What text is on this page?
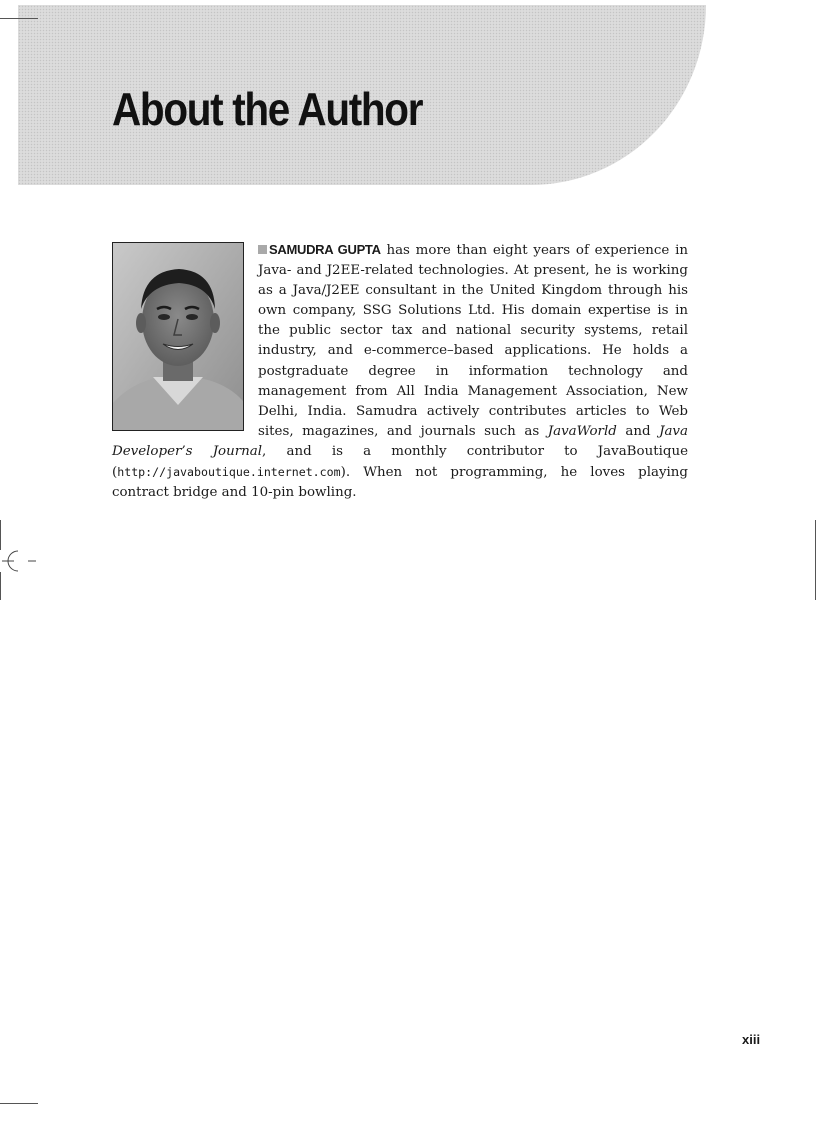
About the Author

SAMUDRA GUPTA has more than eight years of experience in Java- and J2EE-related technologies. At present, he is working as a Java/J2EE consultant in the United Kingdom through his own company, SSG Solutions Ltd. His domain expertise is in the public sector tax and national security systems, retail industry, and e-commerce–based applications. He holds a postgraduate degree in information technology and management from All India Management Association, New Delhi, India. Samudra actively contributes articles to Web sites, magazines, and journals such as JavaWorld and Java Developer’s Journal, and is a monthly contributor to JavaBoutique (http://javaboutique.internet.com). When not programming, he loves playing contract bridge and 10-pin bowling.

xiii
